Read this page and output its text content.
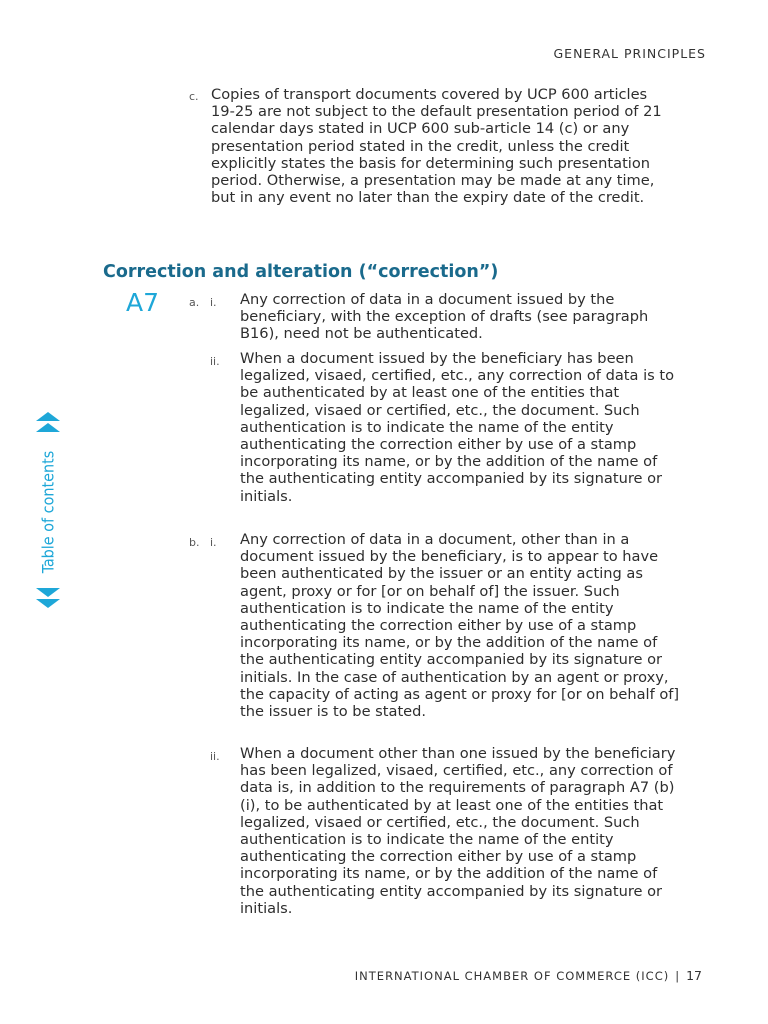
GENERAL PRINCIPLES
c. Copies of transport documents covered by UCP 600 articles 19-25 are not subject to the default presentation period of 21 calendar days stated in UCP 600 sub-article 14 (c) or any presentation period stated in the credit, unless the credit explicitly states the basis for determining such presentation period. Otherwise, a presentation may be made at any time, but in any event no later than the expiry date of the credit.
Correction and alteration (“correction”)
A7	a. i. Any correction of data in a document issued by the beneficiary, with the exception of drafts (see paragraph B16), need not be authenticated.
ii. When a document issued by the beneficiary has been legalized, visaed, certified, etc., any correction of data is to be authenticated by at least one of the entities that legalized, visaed or certified, etc., the document. Such authentication is to indicate the name of the entity authenticating the correction either by use of a stamp incorporating its name, or by the addition of the name of the authenticating entity accompanied by its signature or initials.
b. i. Any correction of data in a document, other than in a document issued by the beneficiary, is to appear to have been authenticated by the issuer or an entity acting as agent, proxy or for [or on behalf of] the issuer. Such authentication is to indicate the name of the entity authenticating the correction either by use of a stamp incorporating its name, or by the addition of the name of the authenticating entity accompanied by its signature or initials. In the case of authentication by an agent or proxy, the capacity of acting as agent or proxy for [or on behalf of] the issuer is to be stated.
ii. When a document other than one issued by the beneficiary has been legalized, visaed, certified, etc., any correction of data is, in addition to the requirements of paragraph A7 (b) (i), to be authenticated by at least one of the entities that legalized, visaed or certified, etc., the document. Such authentication is to indicate the name of the entity authenticating the correction either by use of a stamp incorporating its name, or by the addition of the name of the authenticating entity accompanied by its signature or initials.
Table of contents
INTERNATIONAL CHAMBER OF COMMERCE (ICC) | 17
